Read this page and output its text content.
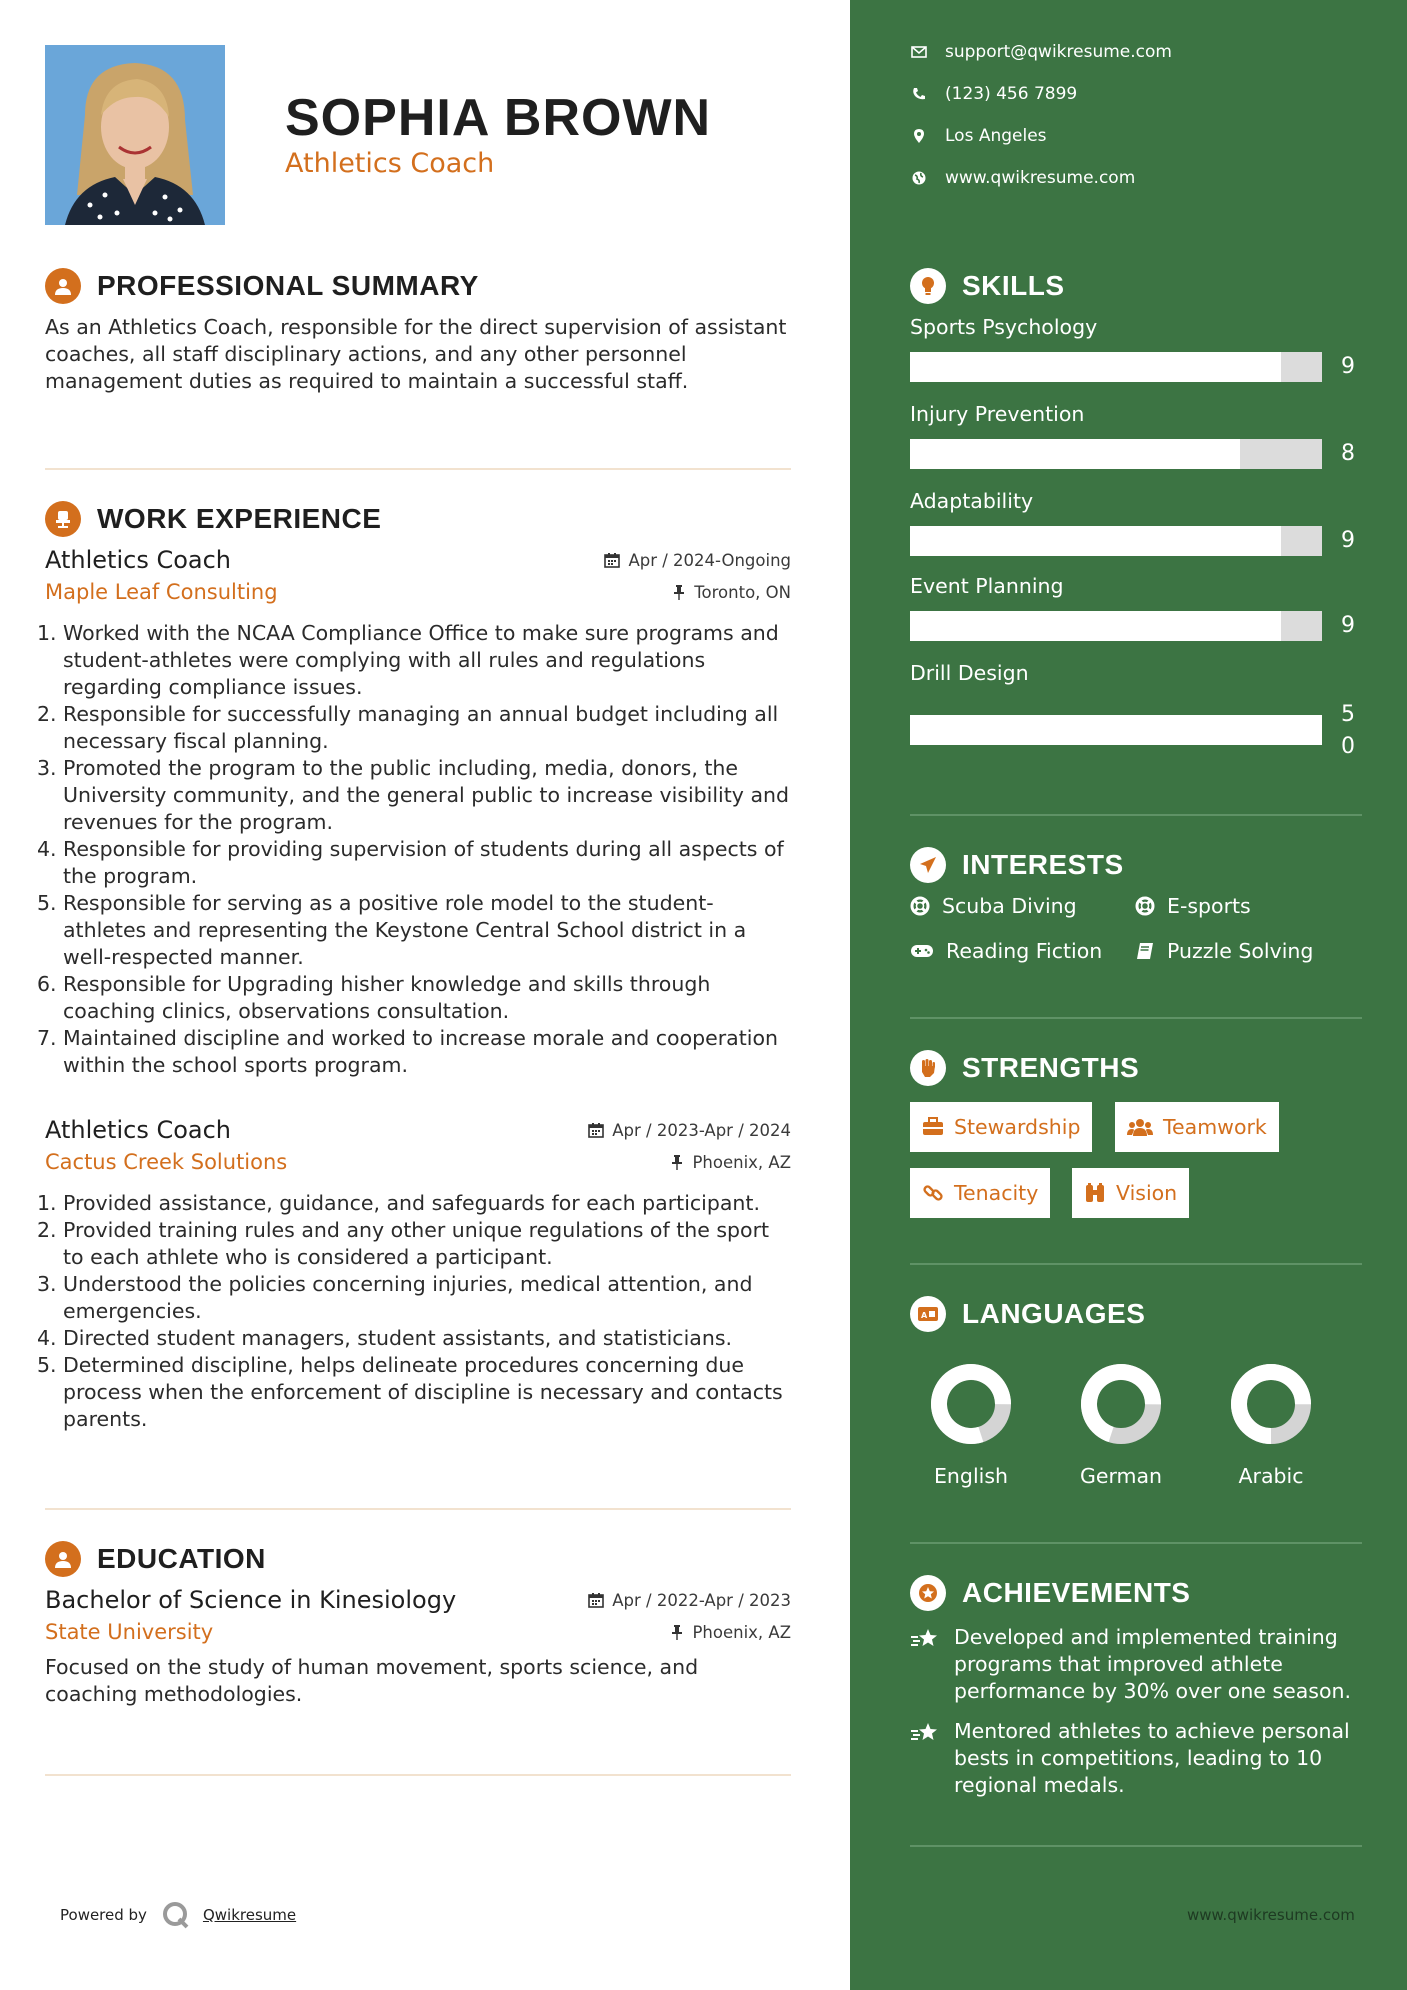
SOPHIA BROWN
Athletics Coach
PROFESSIONAL SUMMARY
As an Athletics Coach, responsible for the direct supervision of assistant coaches, all staff disciplinary actions, and any other personnel management duties as required to maintain a successful staff.
WORK EXPERIENCE
Athletics Coach	Apr / 2024-Ongoing
Maple Leaf Consulting	Toronto, ON
Worked with the NCAA Compliance Office to make sure programs and student-athletes were complying with all rules and regulations regarding compliance issues.
Responsible for successfully managing an annual budget including all necessary fiscal planning.
Promoted the program to the public including, media, donors, the University community, and the general public to increase visibility and revenues for the program.
Responsible for providing supervision of students during all aspects of the program.
Responsible for serving as a positive role model to the student-athletes and representing the Keystone Central School district in a well-respected manner.
Responsible for Upgrading hisher knowledge and skills through coaching clinics, observations consultation.
Maintained discipline and worked to increase morale and cooperation within the school sports program.
Athletics Coach	Apr / 2023-Apr / 2024
Cactus Creek Solutions	Phoenix, AZ
Provided assistance, guidance, and safeguards for each participant.
Provided training rules and any other unique regulations of the sport to each athlete who is considered a participant.
Understood the policies concerning injuries, medical attention, and emergencies.
Directed student managers, student assistants, and statisticians.
Determined discipline, helps delineate procedures concerning due process when the enforcement of discipline is necessary and contacts parents.
EDUCATION
Bachelor of Science in Kinesiology	Apr / 2022-Apr / 2023
State University	Phoenix, AZ
Focused on the study of human movement, sports science, and coaching methodologies.
Powered by	Qwikresume
support@qwikresume.com
(123) 456 7899
Los Angeles
www.qwikresume.com
SKILLS
Sports Psychology
9
Injury Prevention
8
Adaptability
9
Event Planning
9
Drill Design
5
0
INTERESTS
Scuba Diving	E-sports
Reading Fiction	Puzzle Solving
STRENGTHS
Stewardship	Teamwork
Tenacity	Vision
A LANGUAGES
English	German	Arabic
ACHIEVEMENTS
Developed and implemented training programs that improved athlete performance by 30% over one season.
Mentored athletes to achieve personal bests in competitions, leading to 10 regional medals.
www.qwikresume.com
